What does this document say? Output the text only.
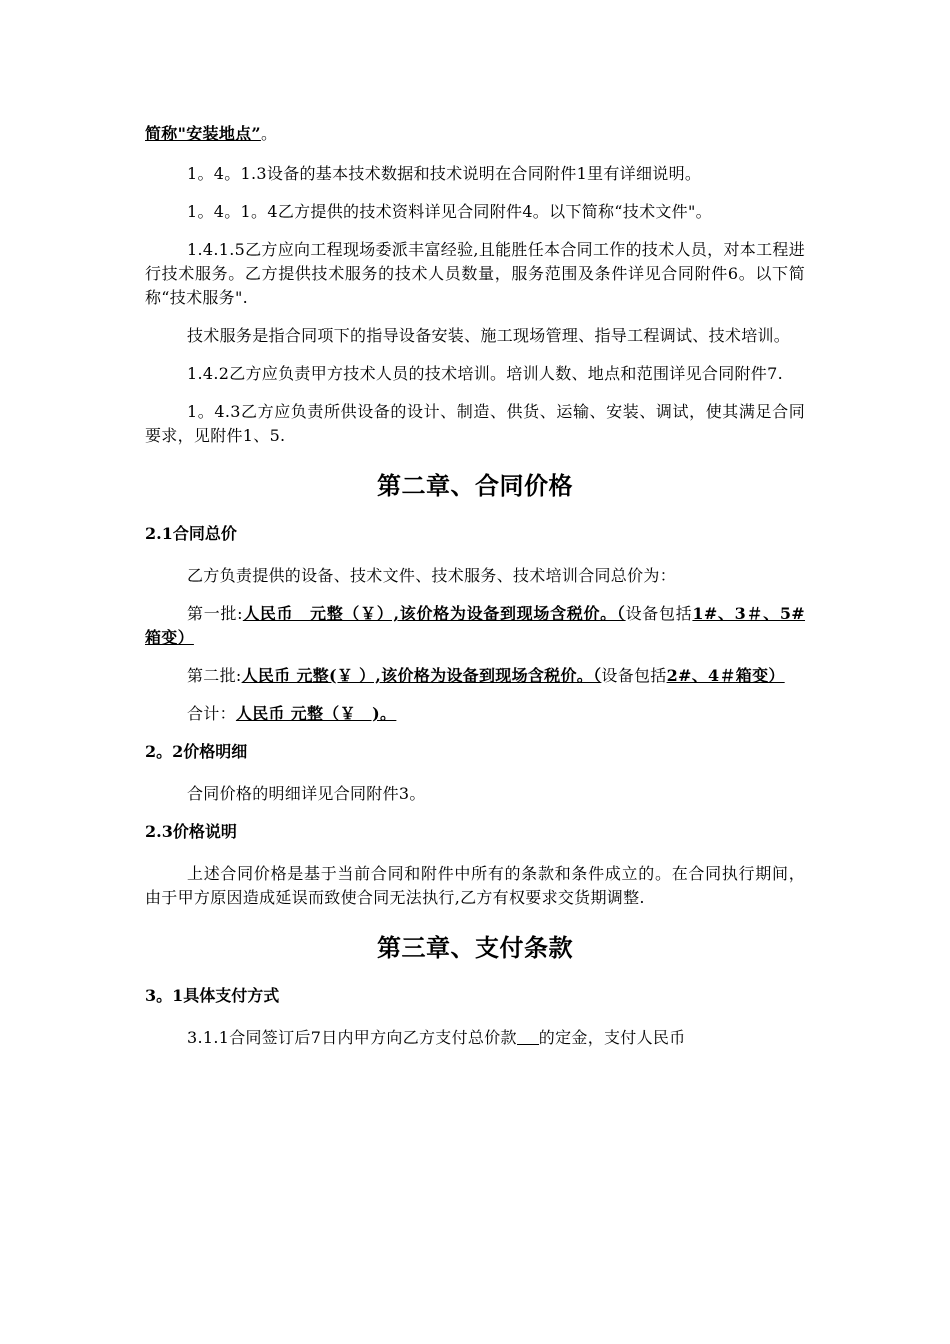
简称"安装地点”。

1。4。1.3设备的基本技术数据和技术说明在合同附件1里有详细说明。

1。4。1。4乙方提供的技术资料详见合同附件4。以下简称“技术文件"。

1.4.1.5乙方应向工程现场委派丰富经验,且能胜任本合同工作的技术人员，对本工程进行技术服务。乙方提供技术服务的技术人员数量，服务范围及条件详见合同附件6。以下简称“技术服务".

技术服务是指合同项下的指导设备安装、施工现场管理、指导工程调试、技术培训。

1.4.2乙方应负责甲方技术人员的技术培训。培训人数、地点和范围详见合同附件7.

1。4.3乙方应负责所供设备的设计、制造、供货、运输、安装、调试，使其满足合同要求，见附件1、5.

第二章、合同价格
2.1合同总价

乙方负责提供的设备、技术文件、技术服务、技术培训合同总价为：

第一批:人民币　元整（￥）,该价格为设备到现场含税价。（设备包括1#、3＃、5#箱变）

第二批:人民币 元整(￥ ）,该价格为设备到现场含税价。（设备包括2#、4＃箱变）

合计：人民币 元整（￥　)。

2。2价格明细

合同价格的明细详见合同附件3。

2.3价格说明

上述合同价格是基于当前合同和附件中所有的条款和条件成立的。在合同执行期间，由于甲方原因造成延误而致使合同无法执行,乙方有权要求交货期调整.

第三章、支付条款
3。1具体支付方式

3.1.1合同签订后7日内甲方向乙方支付总价款 的定金，支付人民币
